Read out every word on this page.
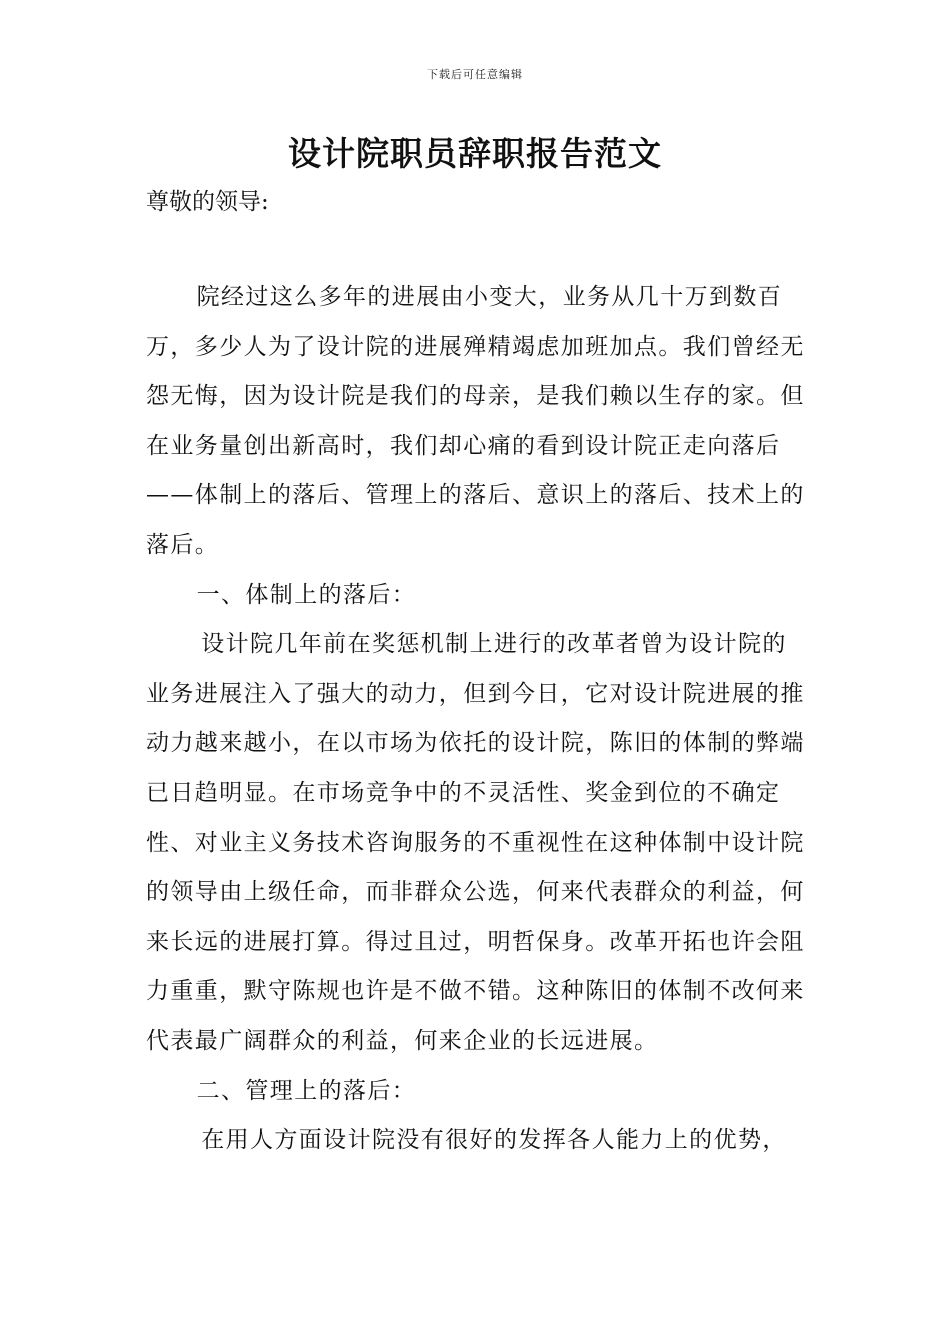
下载后可任意编辑
设计院职员辞职报告范文

尊敬的领导:

院经过这么多年的进展由小变大，业务从几十万到数百万，多少人为了设计院的进展殚精竭虑加班加点。我们曾经无怨无悔，因为设计院是我们的母亲，是我们赖以生存的家。但在业务量创出新高时，我们却心痛的看到设计院正走向落后——体制上的落后、管理上的落后、意识上的落后、技术上的落后。

一、体制上的落后：

设计院几年前在奖惩机制上进行的改革者曾为设计院的业务进展注入了强大的动力，但到今日，它对设计院进展的推动力越来越小，在以市场为依托的设计院，陈旧的体制的弊端已日趋明显。在市场竞争中的不灵活性、奖金到位的不确定性、对业主义务技术咨询服务的不重视性在这种体制中设计院的领导由上级任命，而非群众公选，何来代表群众的利益，何来长远的进展打算。得过且过，明哲保身。改革开拓也许会阻力重重，默守陈规也许是不做不错。这种陈旧的体制不改何来代表最广阔群众的利益，何来企业的长远进展。

二、管理上的落后：

在用人方面设计院没有很好的发挥各人能力上的优势，
